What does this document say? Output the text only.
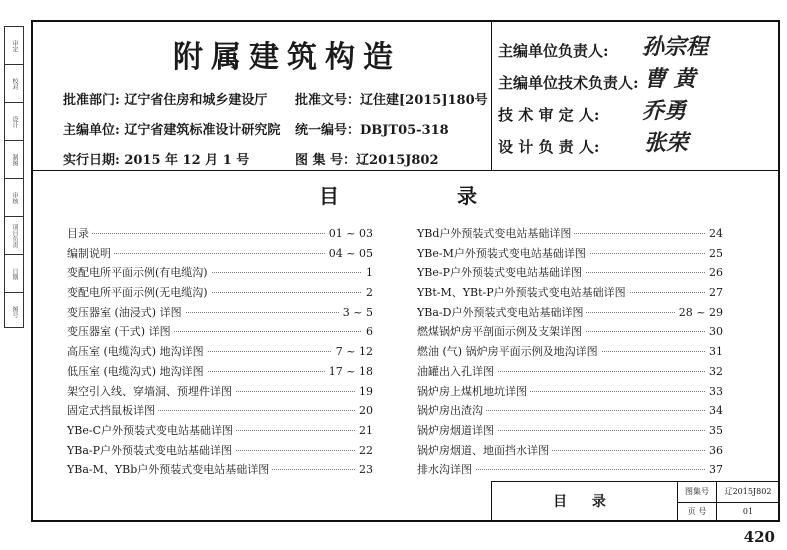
审定
校对
设计
制图
审核
项目负责
日期
图号
附属建筑构造
批准部门: 辽宁省住房和城乡建设厅 批准文号：辽住建[2015]180号
主编单位: 辽宁省建筑标准设计研究院 统一编号：DBJT05-318
实行日期: 2015 年 12 月 1 号	图 集 号：辽2015J802
主编单位负责人: 孙宗程
主编单位技术负责人: 曹 黄
技 术 审 定 人: 乔勇
设 计 负 责 人: 张荣
目	录
目录	01 ~ 03
编制说明	04 ~ 05
变配电所平面示例(有电缆沟)	1
变配电所平面示例(无电缆沟)	2
变压器室 (油浸式) 详图	3 ~ 5
变压器室 (干式) 详图	6
高压室 (电缆沟式) 地沟详图	7 ~ 12
低压室 (电缆沟式) 地沟详图	17 ~ 18
架空引入线、穿墙洞、预埋件详图	19
固定式挡鼠板详图	20
YBe-C户外预装式变电站基础详图	21
YBa-P户外预装式变电站基础详图	22
YBa-M、YBb户外预装式变电站基础详图	23
YBd户外预装式变电站基础详图	24
YBe-M户外预装式变电站基础详图	25
YBe-P户外预装式变电站基础详图	26
YBt-M、YBt-P户外预装式变电站基础详图	27
YBa-D户外预装式变电站基础详图	28 ~ 29
燃煤锅炉房平剖面示例及支架详图	30
燃油 (气) 锅炉房平面示例及地沟详图	31
油罐出入孔详图	32
锅炉房上煤机地坑详图	33
锅炉房出渣沟	34
锅炉房烟道详图	35
锅炉房烟道、地面挡水详图	36
排水沟详图	37
目 录
图集号	辽2015J802
页 号	01
420
